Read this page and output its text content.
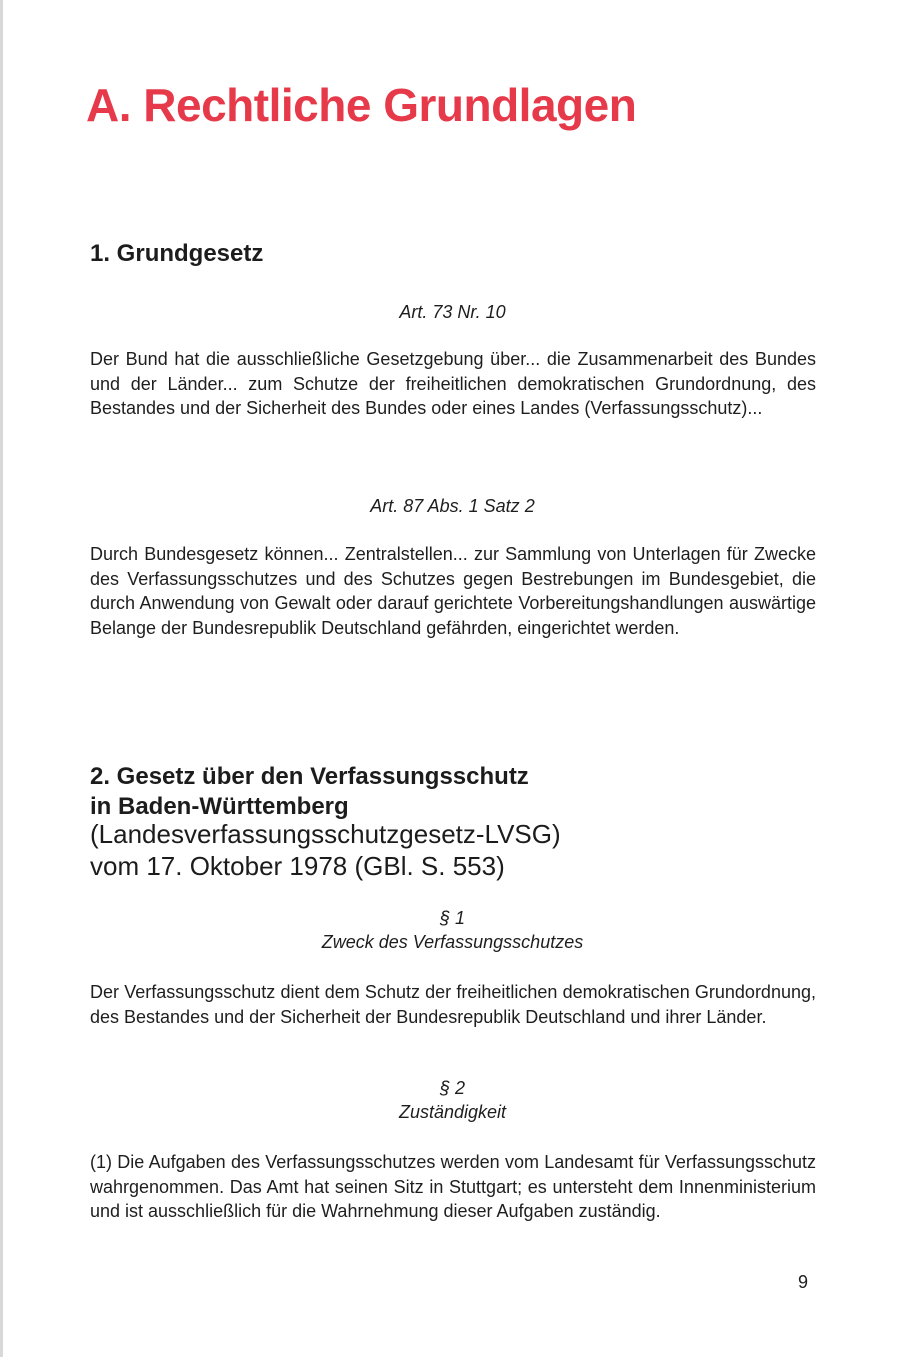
A. Rechtliche Grundlagen
1. Grundgesetz

Art. 73 Nr. 10

Der Bund hat die ausschließliche Gesetzgebung über... die Zusammenarbeit des Bundes und der Länder... zum Schutze der freiheitlichen demokratischen Grundordnung, des Bestandes und der Sicherheit des Bundes oder eines Landes (Verfassungsschutz)...

Art. 87 Abs. 1 Satz 2

Durch Bundesgesetz können... Zentralstellen... zur Sammlung von Unterlagen für Zwecke des Verfassungsschutzes und des Schutzes gegen Bestrebungen im Bundesgebiet, die durch Anwendung von Gewalt oder darauf gerichtete Vorbereitungshandlungen auswärtige Belange der Bundesrepublik Deutschland gefährden, eingerichtet werden.

2. Gesetz über den Verfassungsschutz
in Baden-Württemberg

(Landesverfassungsschutzgesetz-LVSG)
vom 17. Oktober 1978 (GBl. S. 553)

§ 1

Zweck des Verfassungsschutzes

Der Verfassungsschutz dient dem Schutz der freiheitlichen demokratischen Grundordnung, des Bestandes und der Sicherheit der Bundesrepublik Deutschland und ihrer Länder.

§ 2

Zuständigkeit

(1) Die Aufgaben des Verfassungsschutzes werden vom Landesamt für Verfassungsschutz wahrgenommen. Das Amt hat seinen Sitz in Stuttgart; es untersteht dem Innenministerium und ist ausschließlich für die Wahrnehmung dieser Aufgaben zuständig.

9
